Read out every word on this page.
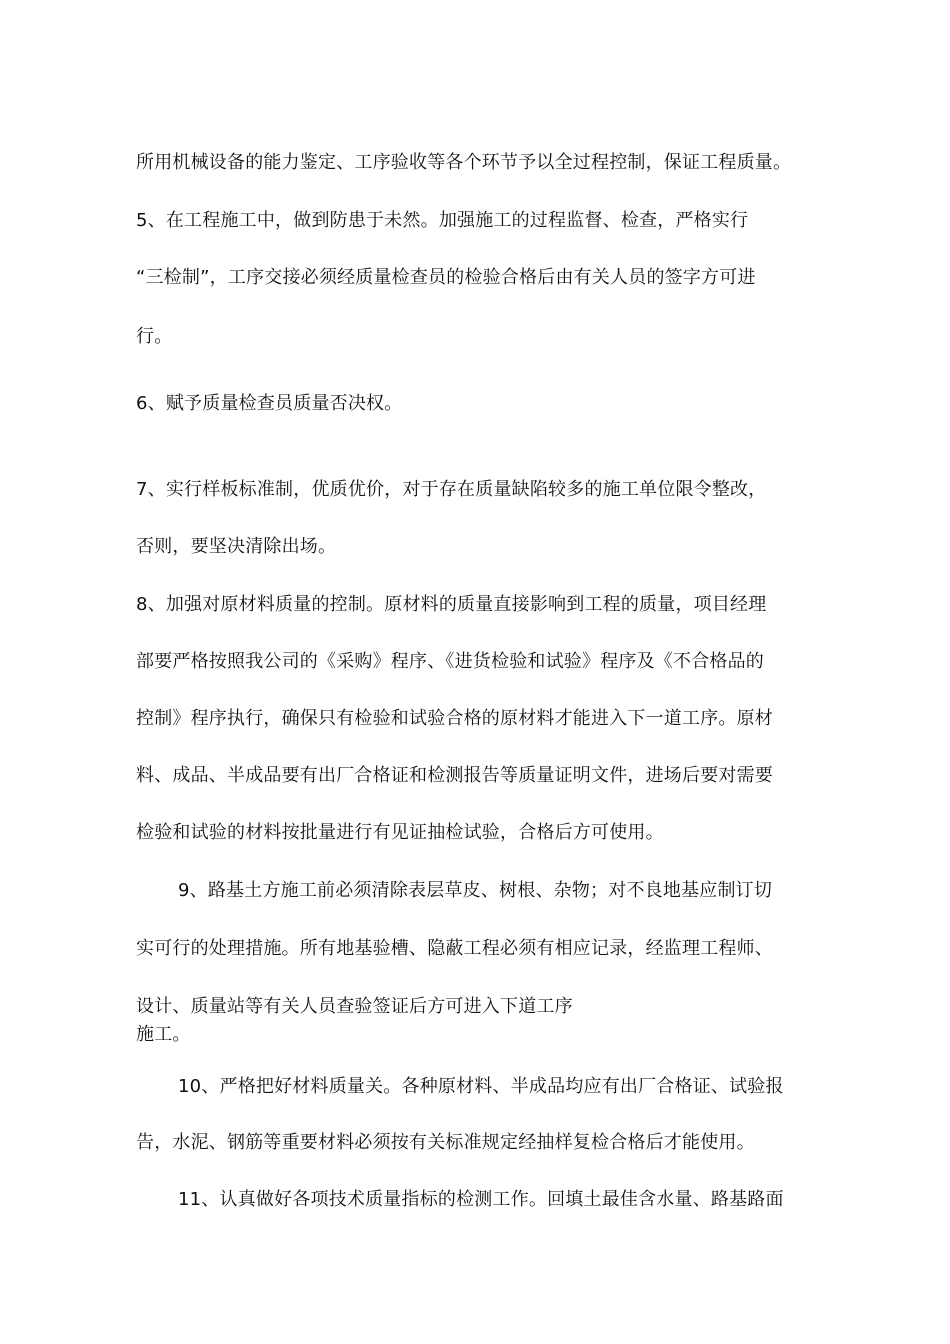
所用机械设备的能力鉴定、工序验收等各个环节予以全过程控制，保证工程质量。
5、在工程施工中，做到防患于未然。加强施工的过程监督、检查，严格实行
“三检制”，工序交接必须经质量检查员的检验合格后由有关人员的签字方可进
行。
6、赋予质量检查员质量否决权。
7、实行样板标准制，优质优价，对于存在质量缺陷较多的施工单位限令整改，
否则，要坚决清除出场。
8、加强对原材料质量的控制。原材料的质量直接影响到工程的质量，项目经理
部要严格按照我公司的《采购》程序、《进货检验和试验》程序及《不合格品的
控制》程序执行，确保只有检验和试验合格的原材料才能进入下一道工序。原材
料、成品、半成品要有出厂合格证和检测报告等质量证明文件，进场后要对需要
检验和试验的材料按批量进行有见证抽检试验，合格后方可使用。
9、路基土方施工前必须清除表层草皮、树根、杂物；对不良地基应制订切
实可行的处理措施。所有地基验槽、隐蔽工程必须有相应记录，经监理工程师、
设计、质量站等有关人员查验签证后方可进入下道工序
施工。
10、严格把好材料质量关。各种原材料、半成品均应有出厂合格证、试验报
告，水泥、钢筋等重要材料必须按有关标准规定经抽样复检合格后才能使用。
11、认真做好各项技术质量指标的检测工作。回填土最佳含水量、路基路面
